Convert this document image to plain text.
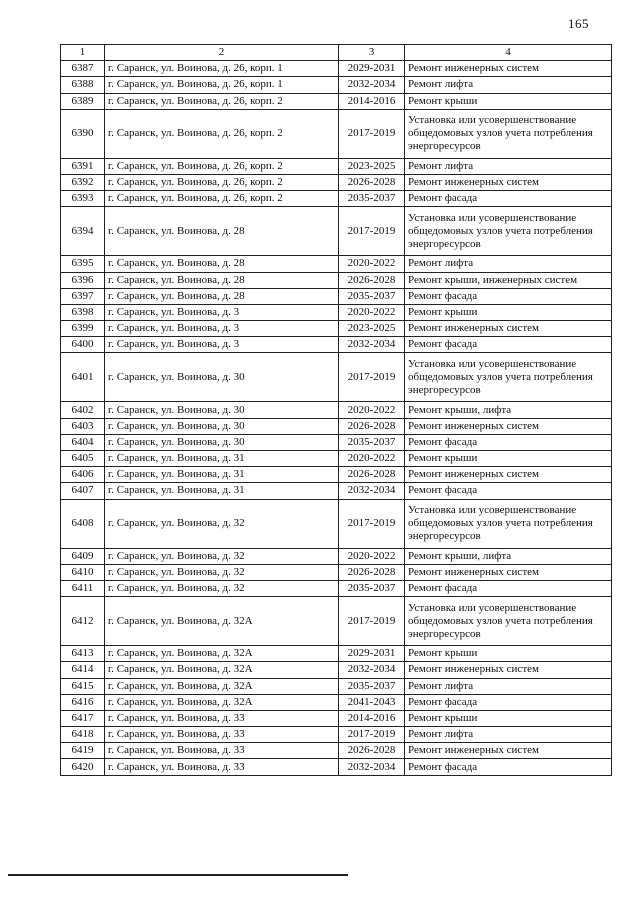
165
1	2	3	4
6387	г. Саранск, ул. Воинова, д. 26, корп. 1	2029-2031	Ремонт инженерных систем
6388	г. Саранск, ул. Воинова, д. 26, корп. 1	2032-2034	Ремонт лифта
6389	г. Саранск, ул. Воинова, д. 26, корп. 2	2014-2016	Ремонт крыши
6390	г. Саранск, ул. Воинова, д. 26, корп. 2	2017-2019	Установка или усовершенствование общедомовых узлов учета потребления энергоресурсов
6391	г. Саранск, ул. Воинова, д. 26, корп. 2	2023-2025	Ремонт лифта
6392	г. Саранск, ул. Воинова, д. 26, корп. 2	2026-2028	Ремонт инженерных систем
6393	г. Саранск, ул. Воинова, д. 26, корп. 2	2035-2037	Ремонт фасада
6394	г. Саранск, ул. Воинова, д. 28	2017-2019	Установка или усовершенствование общедомовых узлов учета потребления энергоресурсов
6395	г. Саранск, ул. Воинова, д. 28	2020-2022	Ремонт лифта
6396	г. Саранск, ул. Воинова, д. 28	2026-2028	Ремонт крыши, инженерных систем
6397	г. Саранск, ул. Воинова, д. 28	2035-2037	Ремонт фасада
6398	г. Саранск, ул. Воинова, д. 3	2020-2022	Ремонт крыши
6399	г. Саранск, ул. Воинова, д. 3	2023-2025	Ремонт инженерных систем
6400	г. Саранск, ул. Воинова, д. 3	2032-2034	Ремонт фасада
6401	г. Саранск, ул. Воинова, д. 30	2017-2019	Установка или усовершенствование общедомовых узлов учета потребления энергоресурсов
6402	г. Саранск, ул. Воинова, д. 30	2020-2022	Ремонт крыши, лифта
6403	г. Саранск, ул. Воинова, д. 30	2026-2028	Ремонт инженерных систем
6404	г. Саранск, ул. Воинова, д. 30	2035-2037	Ремонт фасада
6405	г. Саранск, ул. Воинова, д. 31	2020-2022	Ремонт крыши
6406	г. Саранск, ул. Воинова, д. 31	2026-2028	Ремонт инженерных систем
6407	г. Саранск, ул. Воинова, д. 31	2032-2034	Ремонт фасада
6408	г. Саранск, ул. Воинова, д. 32	2017-2019	Установка или усовершенствование общедомовых узлов учета потребления энергоресурсов
6409	г. Саранск, ул. Воинова, д. 32	2020-2022	Ремонт крыши, лифта
6410	г. Саранск, ул. Воинова, д. 32	2026-2028	Ремонт инженерных систем
6411	г. Саранск, ул. Воинова, д. 32	2035-2037	Ремонт фасада
6412	г. Саранск, ул. Воинова, д. 32А	2017-2019	Установка или усовершенствование общедомовых узлов учета потребления энергоресурсов
6413	г. Саранск, ул. Воинова, д. 32А	2029-2031	Ремонт крыши
6414	г. Саранск, ул. Воинова, д. 32А	2032-2034	Ремонт инженерных систем
6415	г. Саранск, ул. Воинова, д. 32А	2035-2037	Ремонт лифта
6416	г. Саранск, ул. Воинова, д. 32А	2041-2043	Ремонт фасада
6417	г. Саранск, ул. Воинова, д. 33	2014-2016	Ремонт крыши
6418	г. Саранск, ул. Воинова, д. 33	2017-2019	Ремонт лифта
6419	г. Саранск, ул. Воинова, д. 33	2026-2028	Ремонт инженерных систем
6420	г. Саранск, ул. Воинова, д. 33	2032-2034	Ремонт фасада
